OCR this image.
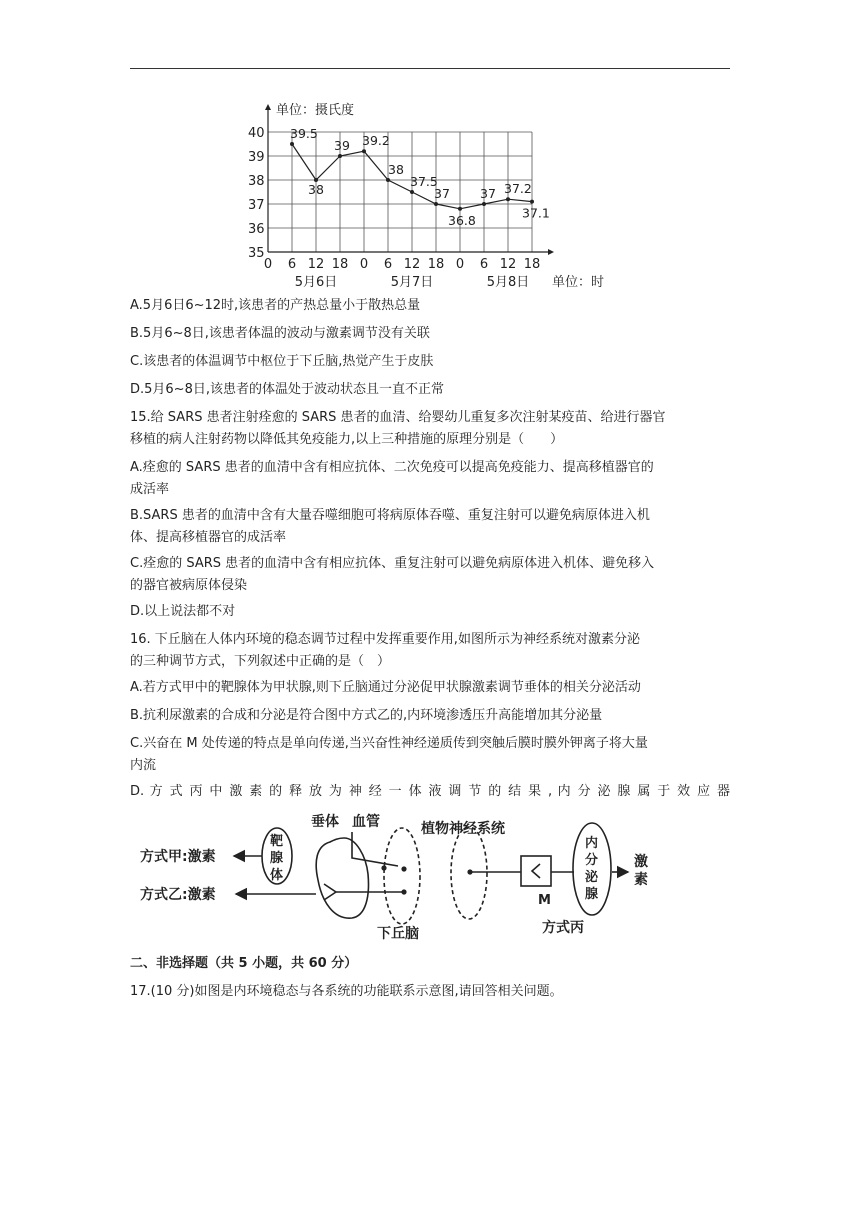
35
36
37
38
39
40
0 6 12 18 0 6 12 18 0 6 12 18
5月6日	5月7日	5月8日
单位：摄氏度
单位：时
39.5
38
39 39.2
38
37.5
37
36.8
37 37.2
37.1
A.5月6日6~12时,该患者的产热总量小于散热总量
B.5月6~8日,该患者体温的波动与激素调节没有关联
C.该患者的体温调节中枢位于下丘脑,热觉产生于皮肤
D.5月6~8日,该患者的体温处于波动状态且一直不正常
15.给 SARS 患者注射痊愈的 SARS 患者的血清、给婴幼儿重复多次注射某疫苗、给进行器官
移植的病人注射药物以降低其免疫能力,以上三种措施的原理分别是（　　）
A.痊愈的 SARS 患者的血清中含有相应抗体、二次免疫可以提高免疫能力、提高移植器官的
成活率
B.SARS 患者的血清中含有大量吞噬细胞可将病原体吞噬、重复注射可以避免病原体进入机
体、提高移植器官的成活率
C.痊愈的 SARS 患者的血清中含有相应抗体、重复注射可以避免病原体进入机体、避免移入
的器官被病原体侵染
D.以上说法都不对
16. 下丘脑在人体内环境的稳态调节过程中发挥重要作用,如图所示为神经系统对激素分泌
的三种调节方式，下列叙述中正确的是（　）
A.若方式甲中的靶腺体为甲状腺,则下丘脑通过分泌促甲状腺激素调节垂体的相关分泌活动
B.抗利尿激素的合成和分泌是符合图中方式乙的,内环境渗透压升高能增加其分泌量
C.兴奋在 M 处传递的特点是单向传递,当兴奋性神经递质传到突触后膜时膜外钾离子将大量
内流
D. 方 式 丙 中 激 素 的 释 放 为 神 经 一 体 液 调 节 的 结 果 , 内 分 泌 腺 属 于 效 应 器
方式甲:激素
方式乙:激素
靶
腺
体
垂体 血管
下丘脑
植物神经系统
内
分
泌
腺
激
素
M
方式丙
二、非选择题（共 5 小题，共 60 分）
17.(10 分)如图是内环境稳态与各系统的功能联系示意图,请回答相关问题。
